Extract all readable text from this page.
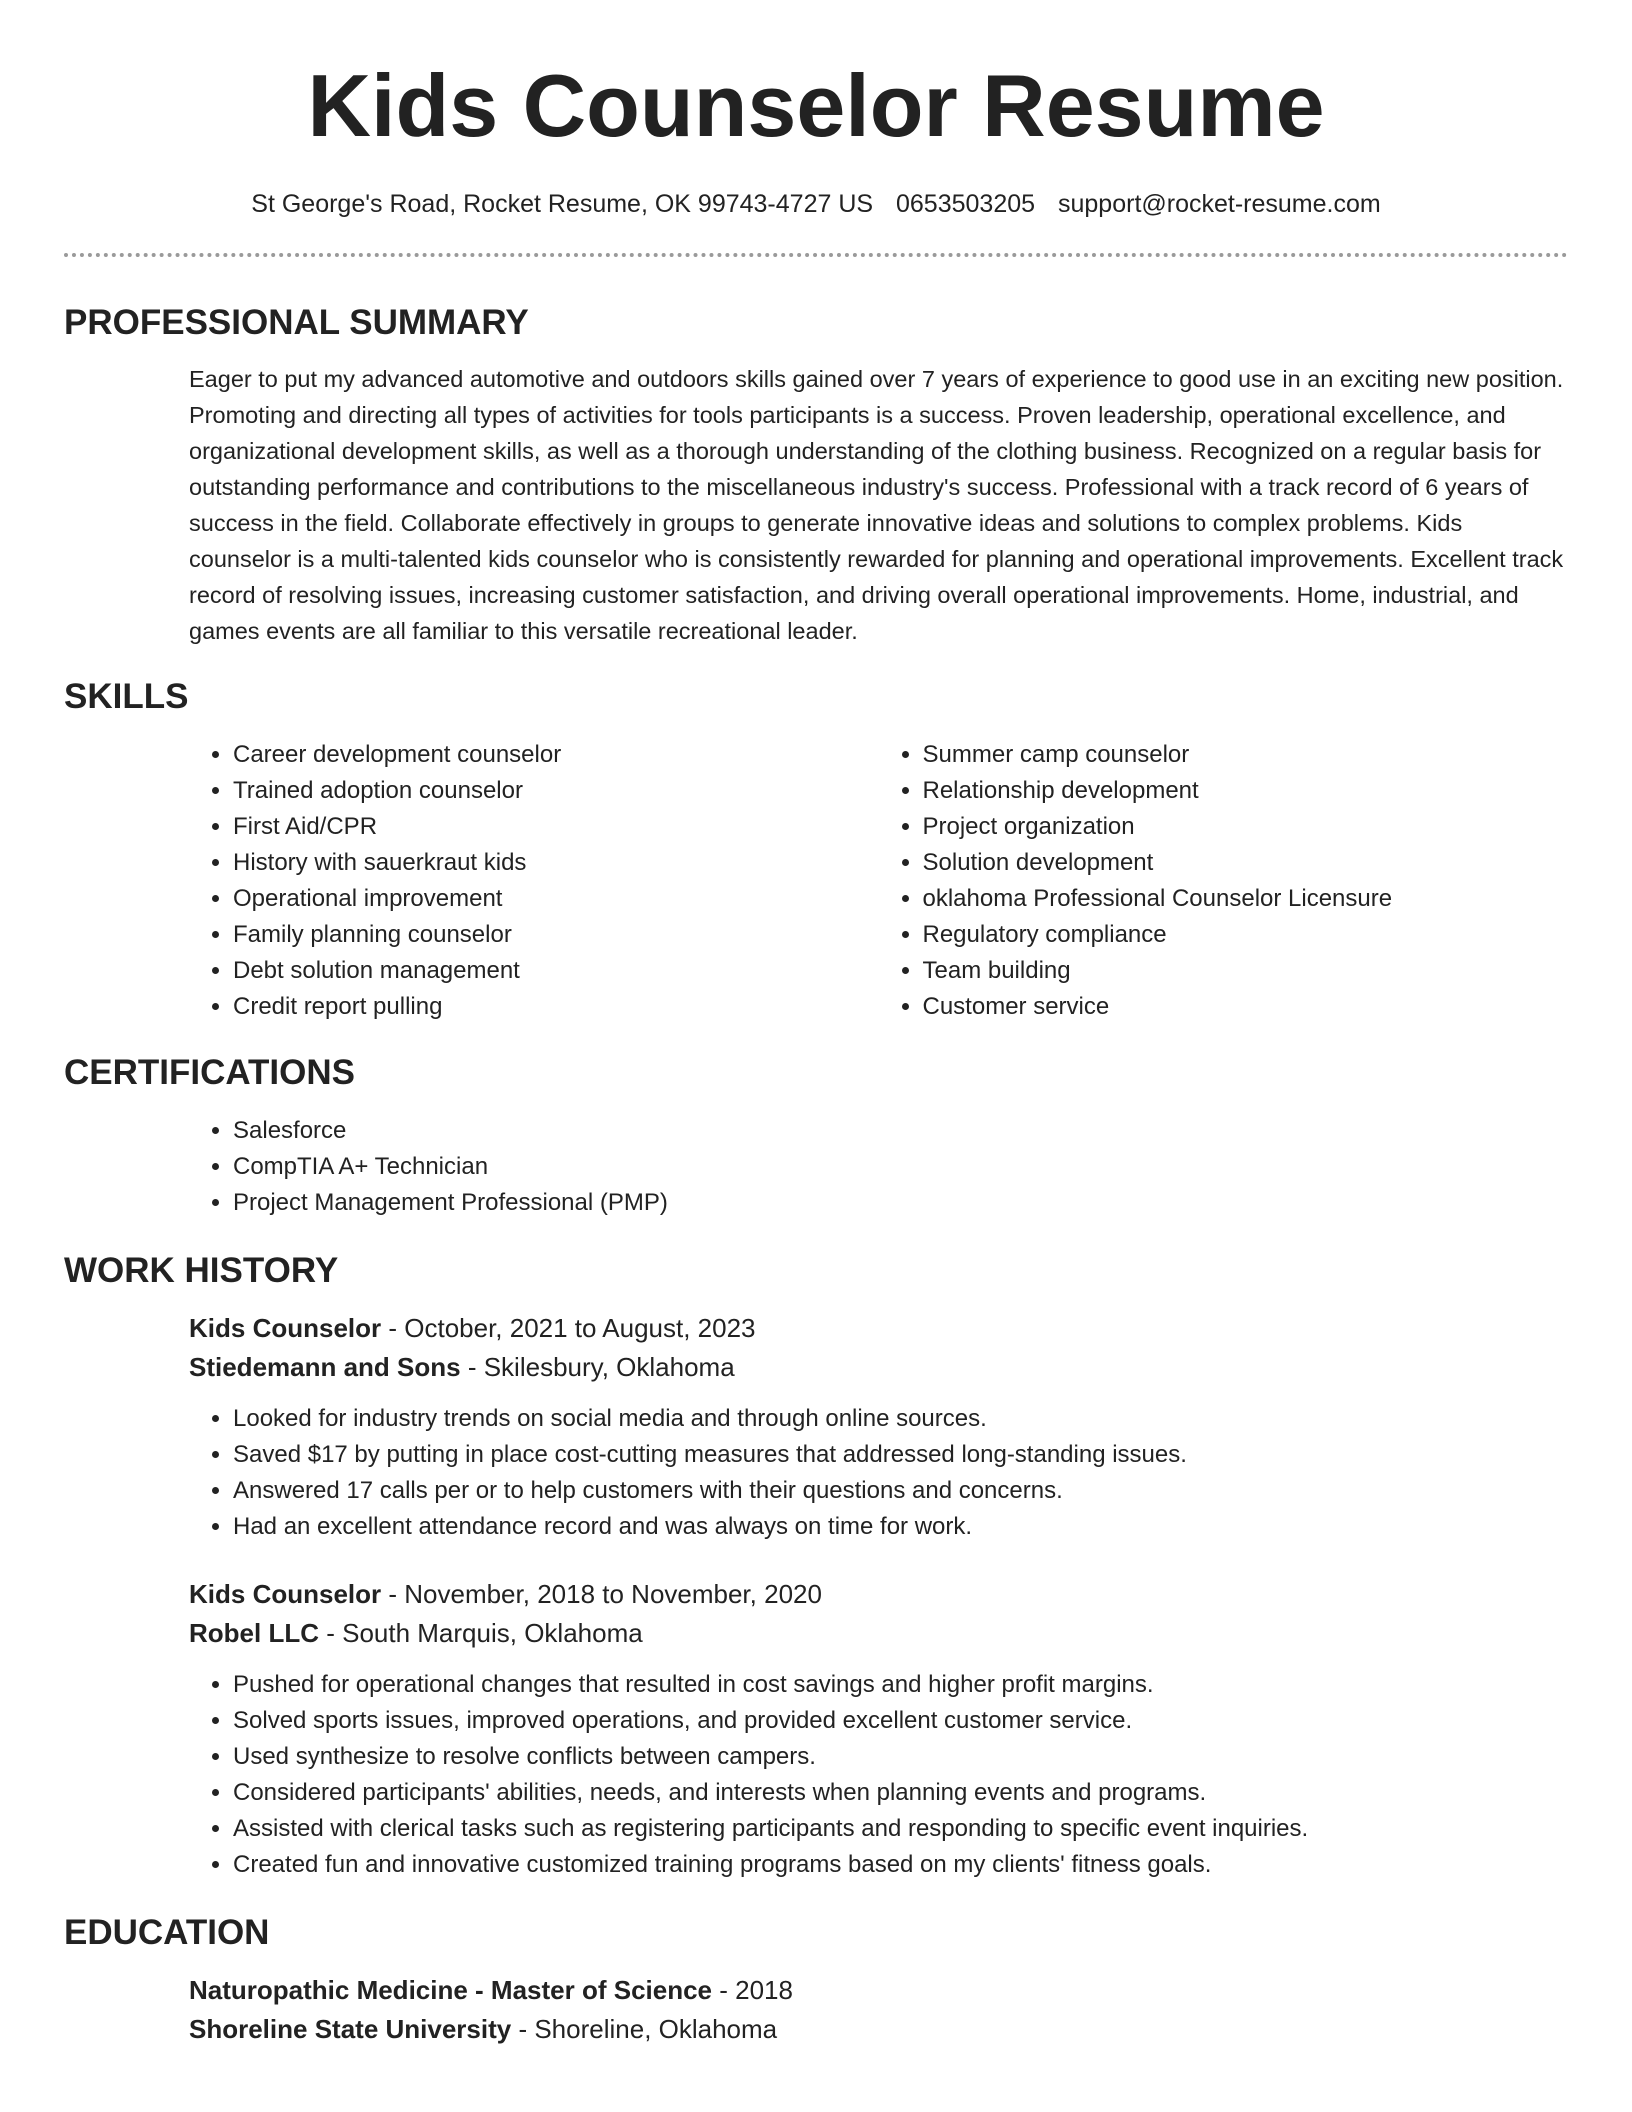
Kids Counselor Resume
St George's Road, Rocket Resume, OK 99743-4727 US 0653503205 support@rocket-resume.com
PROFESSIONAL SUMMARY

Eager to put my advanced automotive and outdoors skills gained over 7 years of experience to good use in an exciting new position. Promoting and directing all types of activities for tools participants is a success. Proven leadership, operational excellence, and organizational development skills, as well as a thorough understanding of the clothing business. Recognized on a regular basis for outstanding performance and contributions to the miscellaneous industry's success. Professional with a track record of 6 years of success in the field. Collaborate effectively in groups to generate innovative ideas and solutions to complex problems. Kids counselor is a multi-talented kids counselor who is consistently rewarded for planning and operational improvements. Excellent track record of resolving issues, increasing customer satisfaction, and driving overall operational improvements. Home, industrial, and games events are all familiar to this versatile recreational leader.

SKILLS
• Career development counselor
• Trained adoption counselor
• First Aid/CPR
• History with sauerkraut kids
• Operational improvement
• Family planning counselor
• Debt solution management
• Credit report pulling
• Summer camp counselor
• Relationship development
• Project organization
• Solution development
• oklahoma Professional Counselor Licensure
• Regulatory compliance
• Team building
• Customer service
CERTIFICATIONS
• Salesforce
• CompTIA A+ Technician
• Project Management Professional (PMP)
WORK HISTORY
Kids Counselor - October, 2021 to August, 2023
Stiedemann and Sons - Skilesbury, Oklahoma
• Looked for industry trends on social media and through online sources.
• Saved $17 by putting in place cost-cutting measures that addressed long-standing issues.
• Answered 17 calls per or to help customers with their questions and concerns.
• Had an excellent attendance record and was always on time for work.
Kids Counselor - November, 2018 to November, 2020
Robel LLC - South Marquis, Oklahoma
• Pushed for operational changes that resulted in cost savings and higher profit margins.
• Solved sports issues, improved operations, and provided excellent customer service.
• Used synthesize to resolve conflicts between campers.
• Considered participants' abilities, needs, and interests when planning events and programs.
• Assisted with clerical tasks such as registering participants and responding to specific event inquiries.
• Created fun and innovative customized training programs based on my clients' fitness goals.
EDUCATION
Naturopathic Medicine - Master of Science - 2018
Shoreline State University - Shoreline, Oklahoma
